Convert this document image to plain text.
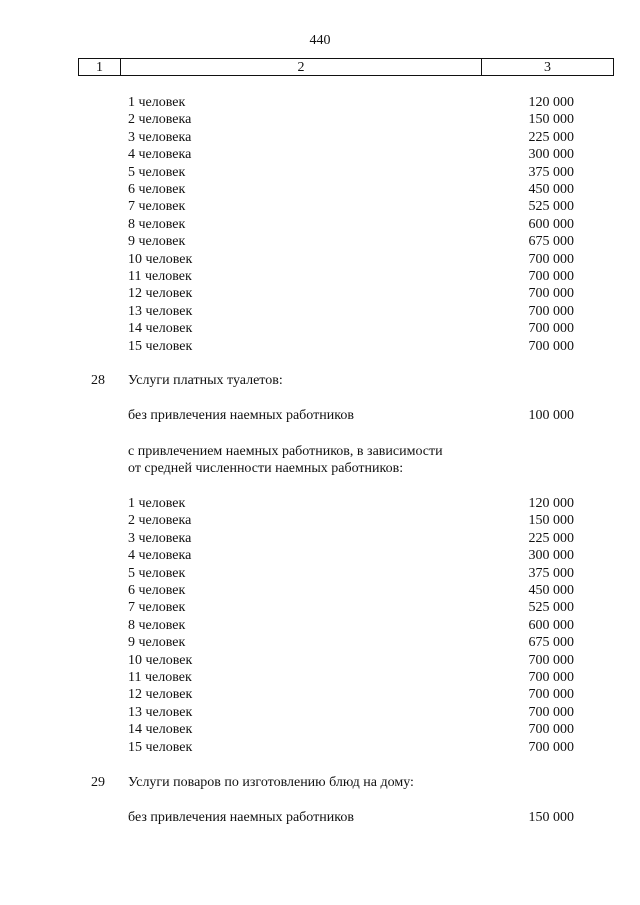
440
1	2	3
1 человек	120 000
2 человека	150 000
3 человека	225 000
4 человека	300 000
5 человек	375 000
6 человек	450 000
7 человек	525 000
8 человек	600 000
9 человек	675 000
10 человек	700 000
11 человек	700 000
12 человек	700 000
13 человек	700 000
14 человек	700 000
15 человек	700 000
28 Услуги платных туалетов:
без привлечения наемных работников	100 000
с привлечением наемных работников, в зависимости
от средней численности наемных работников:
1 человек	120 000
2 человека	150 000
3 человека	225 000
4 человека	300 000
5 человек	375 000
6 человек	450 000
7 человек	525 000
8 человек	600 000
9 человек	675 000
10 человек	700 000
11 человек	700 000
12 человек	700 000
13 человек	700 000
14 человек	700 000
15 человек	700 000
29 Услуги поваров по изготовлению блюд на дому:
без привлечения наемных работников	150 000
